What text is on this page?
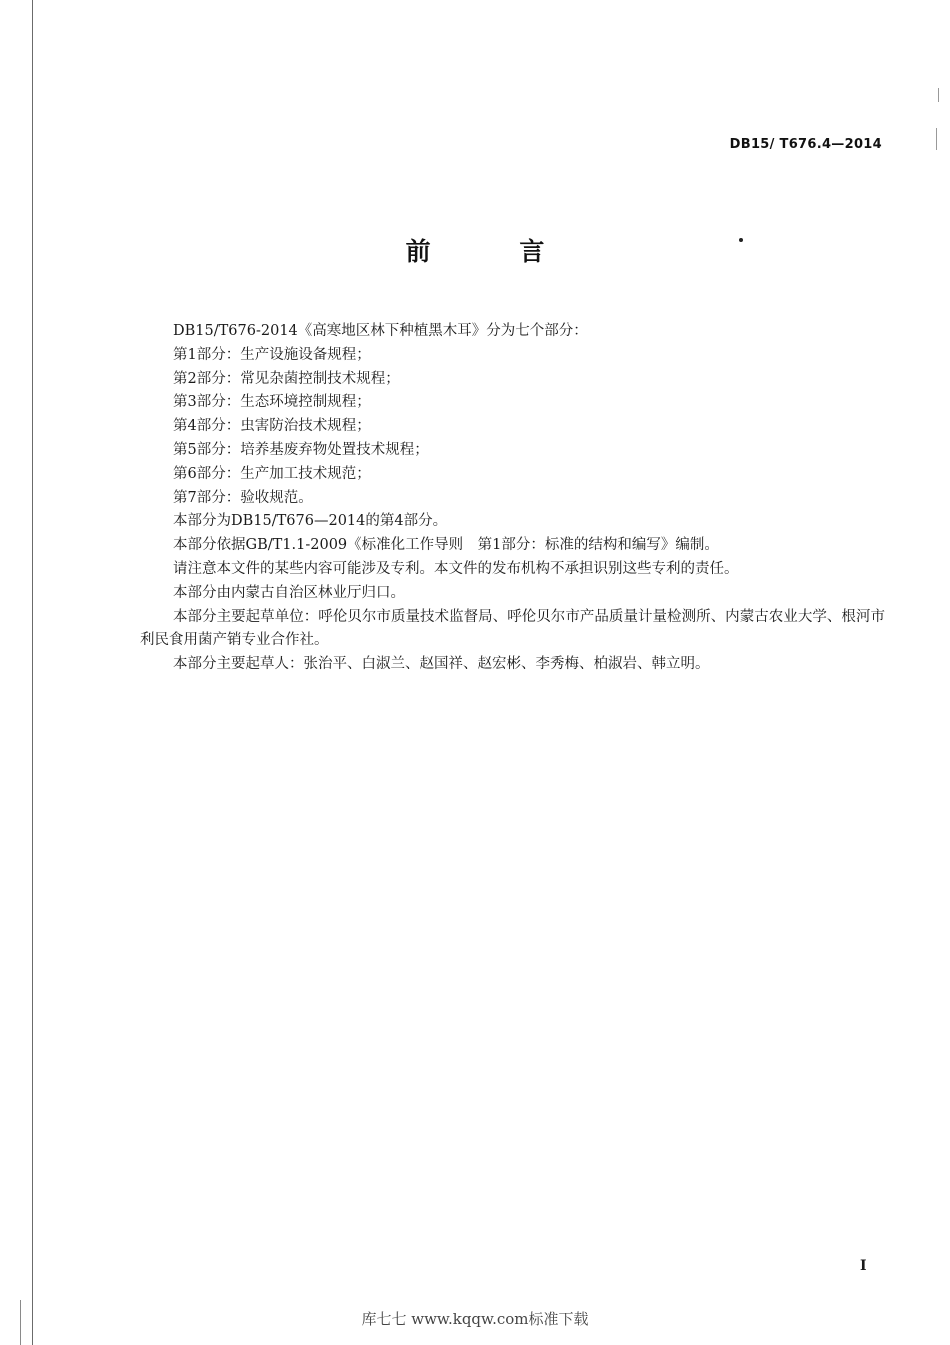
DB15/ T676.4—2014
前 言

DB15/T676-2014《高寒地区林下种植黑木耳》分为七个部分：

第1部分：生产设施设备规程；

第2部分：常见杂菌控制技术规程；

第3部分：生态环境控制规程；

第4部分：虫害防治技术规程；

第5部分：培养基废弃物处置技术规程；

第6部分：生产加工技术规范；

第7部分：验收规范。

本部分为DB15/T676—2014的第4部分。

本部分依据GB/T1.1-2009《标准化工作导则　第1部分：标准的结构和编写》编制。

请注意本文件的某些内容可能涉及专利。本文件的发布机构不承担识别这些专利的责任。

本部分由内蒙古自治区林业厅归口。

本部分主要起草单位：呼伦贝尔市质量技术监督局、呼伦贝尔市产品质量计量检测所、内蒙古农业大学、根河市利民食用菌产销专业合作社。

本部分主要起草人：张治平、白淑兰、赵国祥、赵宏彬、李秀梅、柏淑岩、韩立明。

I
库七七 www.kqqw.com标准下载
